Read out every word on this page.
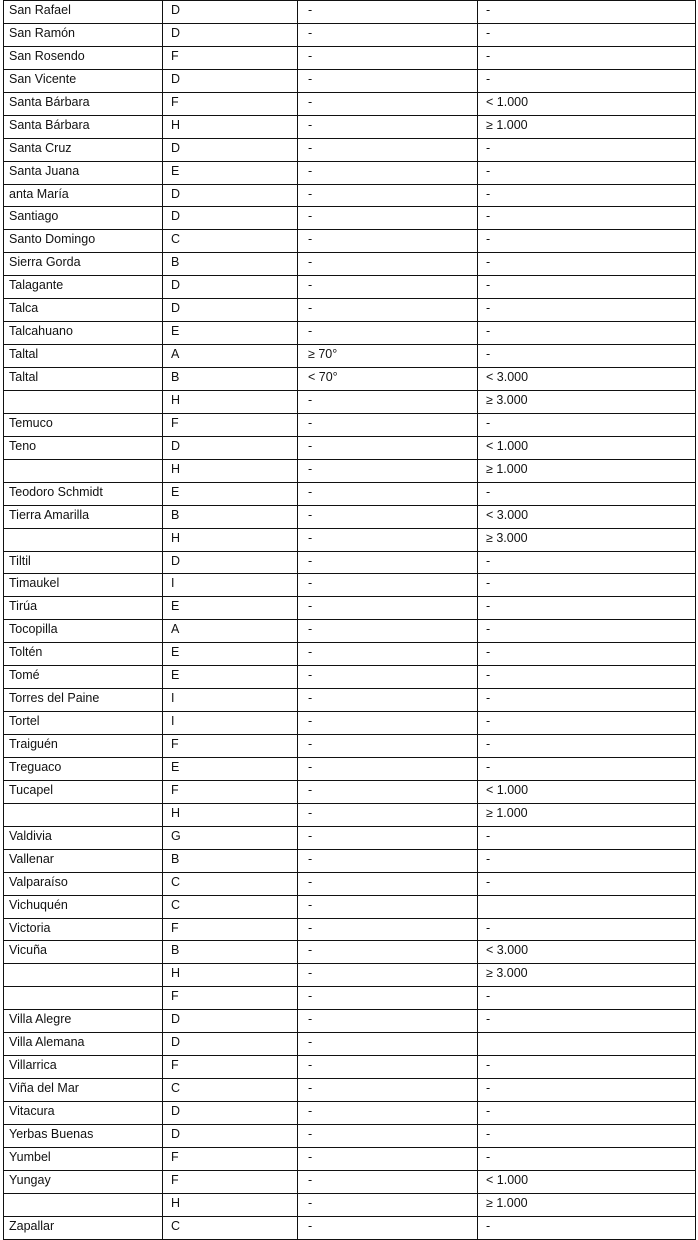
San Rafael	D	-	-
San Ramón	D	-	-
San Rosendo	F	-	-
San Vicente	D	-	-
Santa Bárbara	F	-	< 1.000
Santa Bárbara	H	-	≥ 1.000
Santa Cruz	D	-	-
Santa Juana	E	-	-
anta María	D	-	-
Santiago	D	-	-
Santo Domingo	C	-	-
Sierra Gorda	B	-	-
Talagante	D	-	-
Talca	D	-	-
Talcahuano	E	-	-
Taltal	A	≥ 70°	-
Taltal	B	< 70°	< 3.000
	H	-	≥ 3.000
Temuco	F	-	-
Teno	D	-	< 1.000
	H	-	≥ 1.000
Teodoro Schmidt	E	-	-
Tierra Amarilla	B	-	< 3.000
	H	-	≥ 3.000
Tiltil	D	-	-
Timaukel	I	-	-
Tirúa	E	-	-
Tocopilla	A	-	-
Toltén	E	-	-
Tomé	E	-	-
Torres del Paine	I	-	-
Tortel	I	-	-
Traiguén	F	-	-
Treguaco	E	-	-
Tucapel	F	-	< 1.000
	H	-	≥ 1.000
Valdivia	G	-	-
Vallenar	B	-	-
Valparaíso	C	-	-
Vichuquén	C	-	
Victoria	F	-	-
Vicuña	B	-	< 3.000
	H	-	≥ 3.000
	F	-	-
Villa Alegre	D	-	-
Villa Alemana	D	-	
Villarrica	F	-	-
Viña del Mar	C	-	-
Vitacura	D	-	-
Yerbas Buenas	D	-	-
Yumbel	F	-	-
Yungay	F	-	< 1.000
	H	-	≥ 1.000
Zapallar	C	-	-
